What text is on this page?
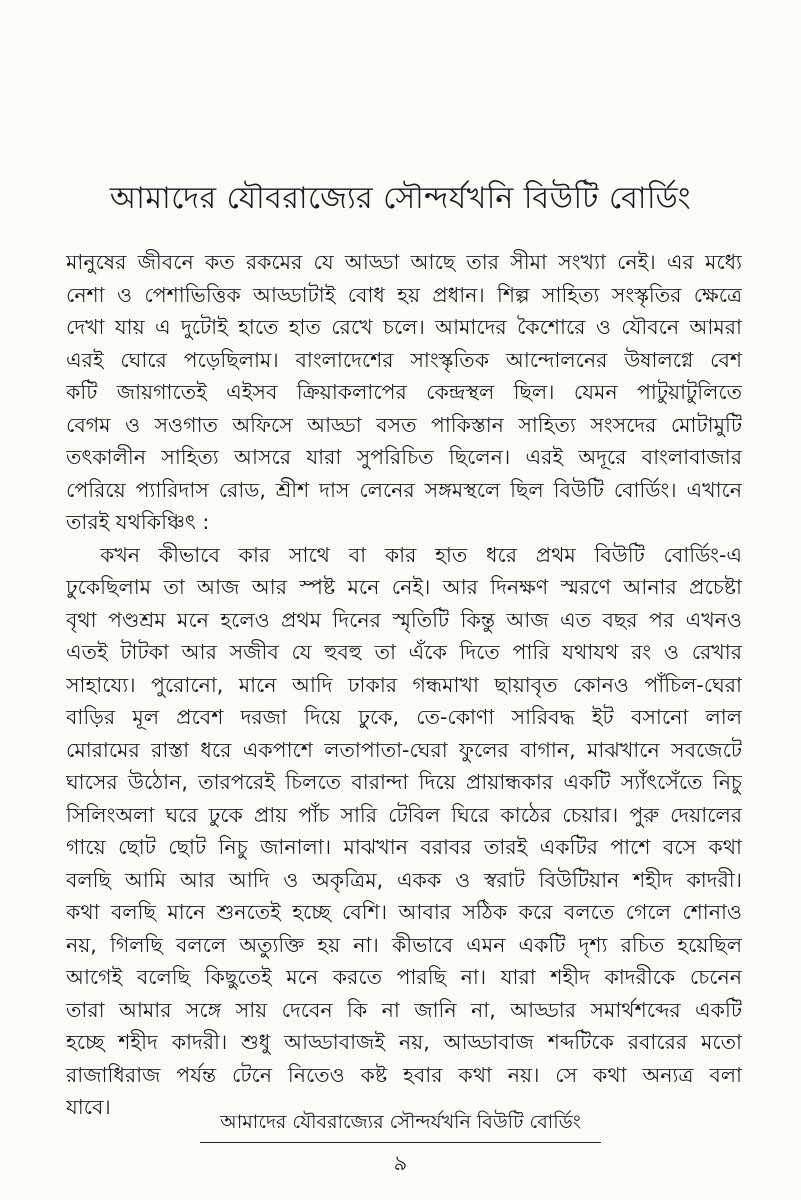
আমাদের যৌবরাজ্যের সৌন্দর্যখনি বিউটি বোর্ডিং
মানুষের জীবনে কত রকমের যে আড্ডা আছে তার সীমা সংখ্যা নেই। এর মধ্যে
নেশা ও পেশাভিত্তিক আড্ডাটাই বোধ হয় প্রধান। শিল্প সাহিত্য সংস্কৃতির ক্ষেত্রে
দেখা যায় এ দুটোই হাতে হাত রেখে চলে। আমাদের কৈশোরে ও যৌবনে আমরা
এরই ঘোরে পড়েছিলাম। বাংলাদেশের সাংস্কৃতিক আন্দোলনের উষালগ্নে বেশ
কটি জায়গাতেই এইসব ক্রিয়াকলাপের কেন্দ্রস্থল ছিল। যেমন পাটুয়াটুলিতে
বেগম ও সওগাত অফিসে আড্ডা বসত পাকিস্তান সাহিত্য সংসদের মোটামুটি
তৎকালীন সাহিত্য আসরে যারা সুপরিচিত ছিলেন। এরই অদূরে বাংলাবাজার
পেরিয়ে প্যারিদাস রোড, শ্রীশ দাস লেনের সঙ্গমস্থলে ছিল বিউটি বোর্ডিং। এখানে
তারই যথকিঞ্চিৎ :
কখন কীভাবে কার সাথে বা কার হাত ধরে প্রথম বিউটি বোর্ডিং-এ
ঢুকেছিলাম তা আজ আর স্পষ্ট মনে নেই। আর দিনক্ষণ স্মরণে আনার প্রচেষ্টা
বৃথা পণ্ডশ্রম মনে হলেও প্রথম দিনের স্মৃতিটি কিন্তু আজ এত বছর পর এখনও
এতই টাটকা আর সজীব যে হুবহু তা এঁকে দিতে পারি যথাযথ রং ও রেখার
সাহায্যে। পুরোনো, মানে আদি ঢাকার গন্ধমাখা ছায়াবৃত কোনও পাঁচিল-ঘেরা
বাড়ির মূল প্রবেশ দরজা দিয়ে ঢুকে, তে-কোণা সারিবদ্ধ ইট বসানো লাল
মোরামের রাস্তা ধরে একপাশে লতাপাতা-ঘেরা ফুলের বাগান, মাঝখানে সবজেটে
ঘাসের উঠোন, তারপরেই চিলতে বারান্দা দিয়ে প্রায়ান্ধকার একটি স্যাঁৎসেঁতে নিচু
সিলিংঅলা ঘরে ঢুকে প্রায় পাঁচ সারি টেবিল ঘিরে কাঠের চেয়ার। পুরু দেয়ালের
গায়ে ছোট ছোট নিচু জানালা। মাঝখান বরাবর তারই একটির পাশে বসে কথা
বলছি আমি আর আদি ও অকৃত্রিম, একক ও স্বরাট বিউটিয়ান শহীদ কাদরী।
কথা বলছি মানে শুনতেই হচ্ছে বেশি। আবার সঠিক করে বলতে গেলে শোনাও
নয়, গিলছি বললে অত্যুক্তি হয় না। কীভাবে এমন একটি দৃশ্য রচিত হয়েছিল
আগেই বলেছি কিছুতেই মনে করতে পারছি না। যারা শহীদ কাদরীকে চেনেন
তারা আমার সঙ্গে সায় দেবেন কি না জানি না, আড্ডার সমার্থশব্দের একটি
হচ্ছে শহীদ কাদরী। শুধু আড্ডাবাজই নয়, আড্ডাবাজ শব্দটিকে রবারের মতো
রাজাধিরাজ পর্যন্ত টেনে নিতেও কষ্ট হবার কথা নয়। সে কথা অন্যত্র বলা
যাবে।
আমাদের যৌবরাজ্যের সৌন্দর্যখনি বিউটি বোর্ডিং
৯
